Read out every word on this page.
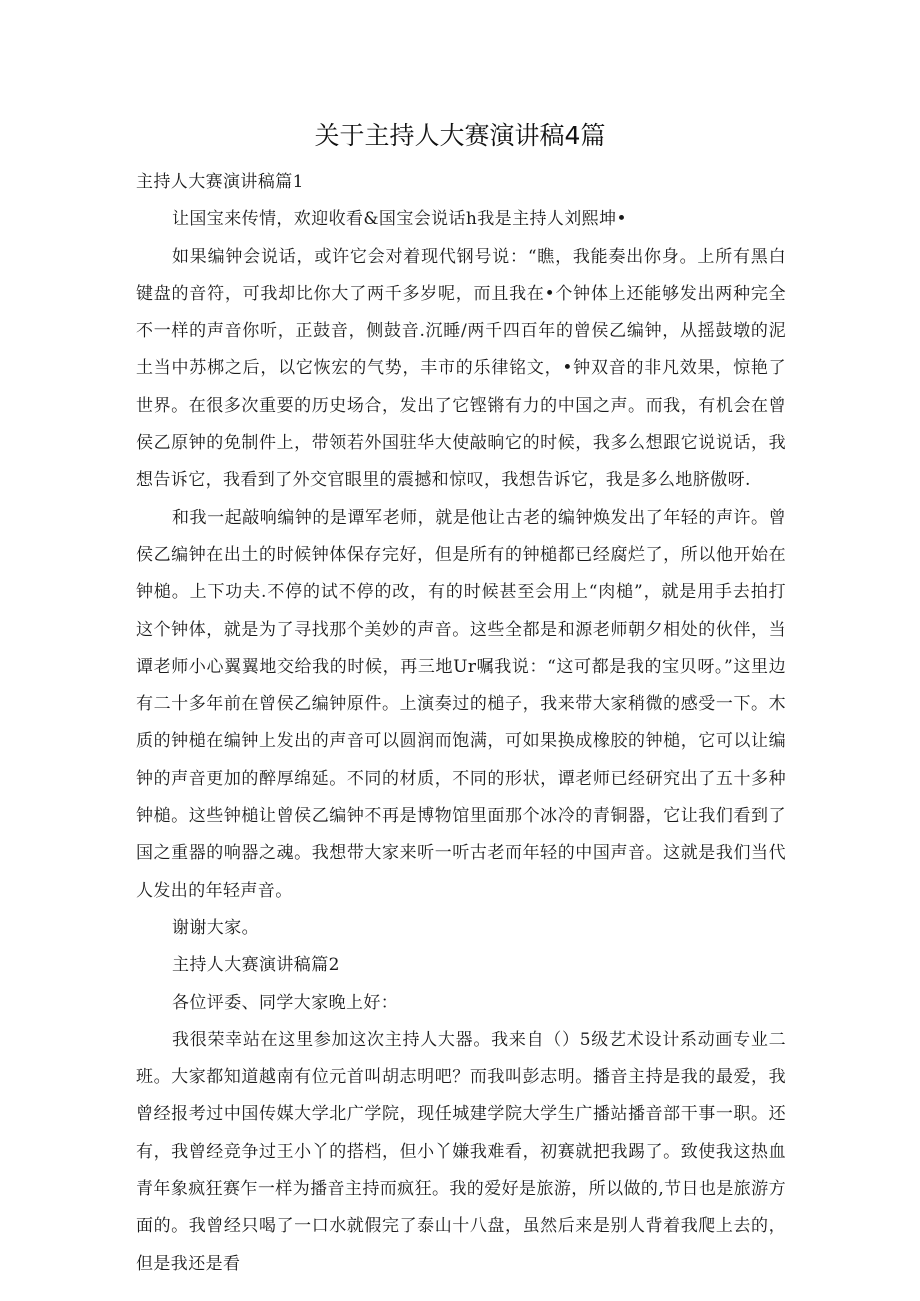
关于主持人大赛演讲稿4篇

主持人大赛演讲稿篇1

让国宝来传情，欢迎收看&国宝会说话h我是主持人刘熙坤•

如果编钟会说话，或许它会对着现代钢号说：“瞧，我能奏出你身。上所有黑白键盘的音符，可我却比你大了两千多岁呢，而且我在•个钟体上还能够发出两种完全不一样的声音你听，正鼓音，侧鼓音.沉睡/两千四百年的曾侯乙编钟，从摇鼓墩的泥土当中苏梆之后，以它恢宏的气势，丰市的乐律铭文，•钟双音的非凡效果，惊艳了世界。在很多次重要的历史场合，发出了它铿锵有力的中国之声。而我，有机会在曾侯乙原钟的免制件上，带领若外国驻华大使敲晌它的时候，我多么想跟它说说话，我想告诉它，我看到了外交官眼里的震撼和惊叹，我想告诉它，我是多么地脐傲呀.

和我一起敲响编钟的是谭军老师，就是他让古老的编钟焕发出了年轻的声许。曾侯乙编钟在出土的时候钟体保存完好，但是所有的钟槌都已经腐烂了，所以他开始在钟槌。上下功夫.不停的试不停的改，有的时候甚至会用上“肉槌”，就是用手去拍打这个钟体，就是为了寻找那个美妙的声音。这些全都是和源老师朝夕相处的伙伴，当谭老师小心翼翼地交给我的时候，再三地Ur嘱我说：“这可都是我的宝贝呀。”这里边有二十多年前在曾侯乙编钟原件。上演奏过的槌子，我来带大家稍微的感受一下。木质的钟槌在编钟上发出的声音可以圆润而饱满，可如果换成橡胶的钟槌，它可以让编钟的声音更加的醉厚绵延。不同的材质，不同的形状，谭老师已经研究出了五十多种钟槌。这些钟槌让曾侯乙编钟不再是博物馆里面那个冰冷的青铜器，它让我们看到了国之重器的响器之魂。我想带大家来听一听古老而年轻的中国声音。这就是我们当代人发出的年轻声音。

谢谢大家。

主持人大赛演讲稿篇2

各位评委、同学大家晚上好：

我很荣幸站在这里参加这次主持人大器。我来自（）5级艺术设计系动画专业二班。大家都知道越南有位元首叫胡志明吧？而我叫彭志明。播音主持是我的最爱，我曾经报考过中国传媒大学北广学院，现任城建学院大学生广播站播音部干事一职。还有，我曾经竞争过王小丫的搭档，但小丫嫌我难看，初赛就把我踢了。致使我这热血青年象疯狂赛乍一样为播音主持而疯狂。我的爱好是旅游，所以做的,节日也是旅游方面的。我曾经只喝了一口水就假完了泰山十八盘，虽然后来是别人背着我爬上去的，但是我还是看
